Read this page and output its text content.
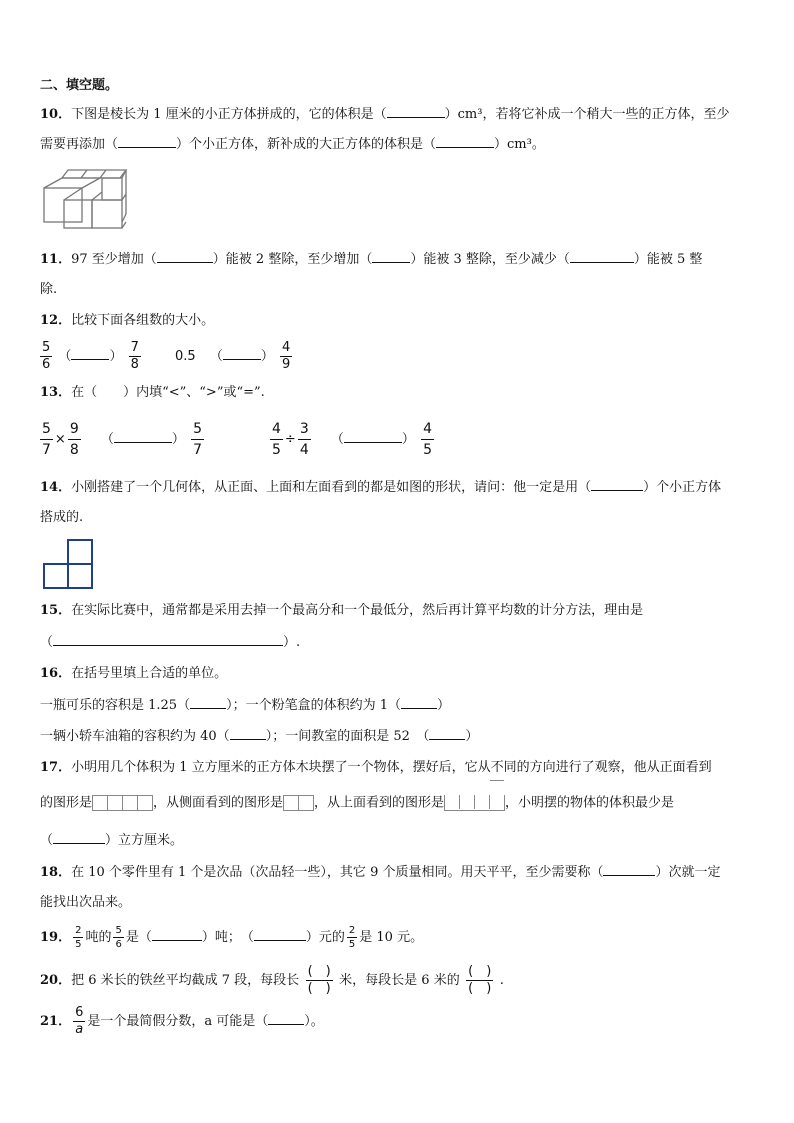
二、填空题。
10．下图是棱长为 1 厘米的小正方体拼成的，它的体积是（	）cm³，若将它补成一个稍大一些的正方体，至少
需要再添加（	）个小正方体，新补成的大正方体的体积是（	）cm³。
11．97 至少增加（	）能被 2 整除，至少增加（	）能被 3 整除，至少减少（	）能被 5 整
除.
12．比较下面各组数的大小。
$\frac{5}{6}$ （	） $\frac{7}{8}$	0.5 （	） $\frac{4}{9}$
13．在（　　）内填“<”、“>”或“=”.
$\frac{5}{7} \times \frac{9}{8}$ （	） $\frac{5}{7}$	$\frac{4}{5} \div \frac{3}{4}$ （	） $\frac{4}{5}$
14．小刚搭建了一个几何体，从正面、上面和左面看到的都是如图的形状，请问：他一定是用（	）个小正方体
搭成的.
15．在实际比赛中，通常都是采用去掉一个最高分和一个最低分，然后再计算平均数的计分方法，理由是
（	）.
16．在括号里填上合适的单位。
一瓶可乐的容积是 1.25（	）；一个粉笔盒的体积约为 1（	）
一辆小轿车油箱的容积约为 40（	）；一间教室的面积是 52　（	）
17．小明用几个体积为 1 立方厘米的正方体木块摆了一个物体，摆好后，它从不同的方向进行了观察，他从正面看到
的图形是	，从侧面看到的图形是 ，从上面看到的图形是	，小明摆的物体的体积最少是
（	）立方厘米。
18．在 10 个零件里有 1 个是次品（次品轻一些），其它 9 个质量相同。用天平平，至少需要称（	）次就一定
能找出次品来。
19． $\frac{2}{5}$ 吨的 $\frac{5}{6}$ 是（	）吨；　（	）元的 $\frac{2}{5}$ 是 10 元。
20．把 6 米长的铁丝平均截成 7 段，每段长 $\frac{( )}{( )}$ 米，每段长是 6 米的 $\frac{( )}{( )}$ .
21． $\frac{6}{a}$ 是一个最简假分数，a 可能是（	）。
